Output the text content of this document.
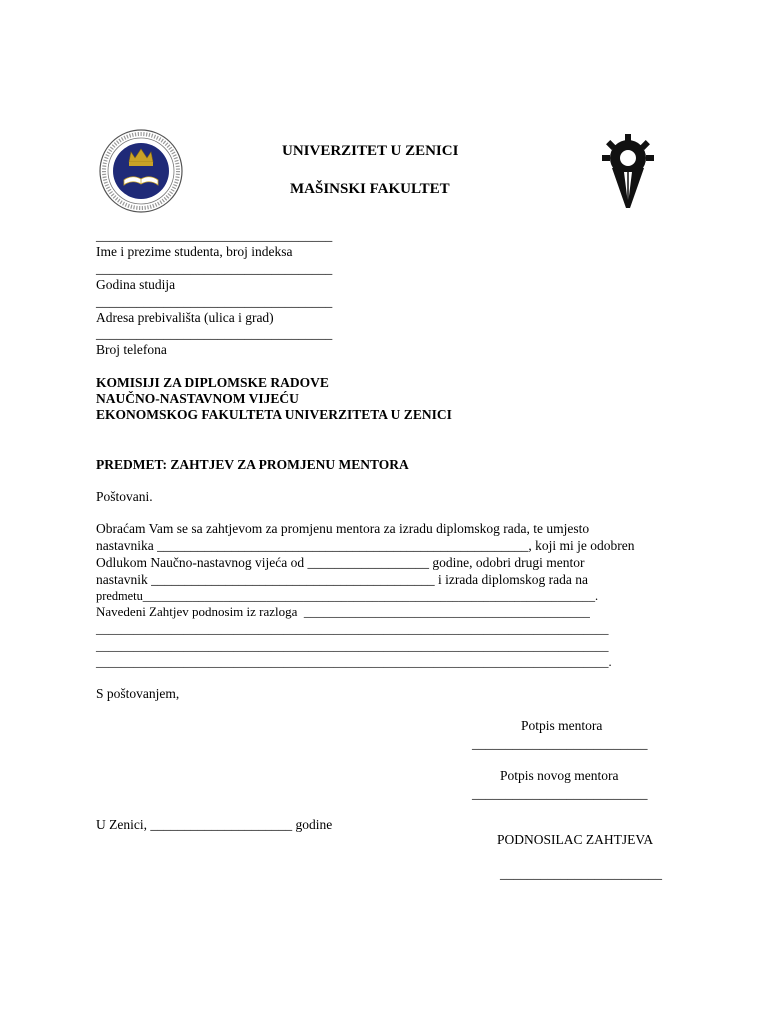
UNIVERZITET U ZENICI
MAŠINSKI FAKULTET
___________________________________
Ime i prezime studenta, broj indeksa
___________________________________
Godina studija
___________________________________
Adresa prebivališta (ulica i grad)
___________________________________
Broj telefona
KOMISIJI ZA DIPLOMSKE RADOVE
NAUČNO-NASTAVNOM VIJEĆU
EKONOMSKOG FAKULTETA UNIVERZITETA U ZENICI
PREDMET: ZAHTJEV ZA PROMJENU MENTORA
Poštovani.
Obraćam Vam se sa zahtjevom za promjenu mentora za izradu diplomskog rada, te umjesto
nastavnika _______________________________________________________, koji mi je odobren
Odlukom Naučno-nastavnog vijeća od __________________ godine, odobri drugi mentor
nastavnik __________________________________________ i izrada diplomskog rada na
predmetu_________________________________________________________________________.
Navedeni Zahtjev podnosim iz razloga  ____________________________________________
__________________________________________________________________________________
__________________________________________________________________________________
__________________________________________________________________________________.
S poštovanjem,
Potpis mentora
__________________________
Potpis novog mentora
__________________________
U Zenici, _____________________ godine
PODNOSILAC ZAHTJEVA
________________________
